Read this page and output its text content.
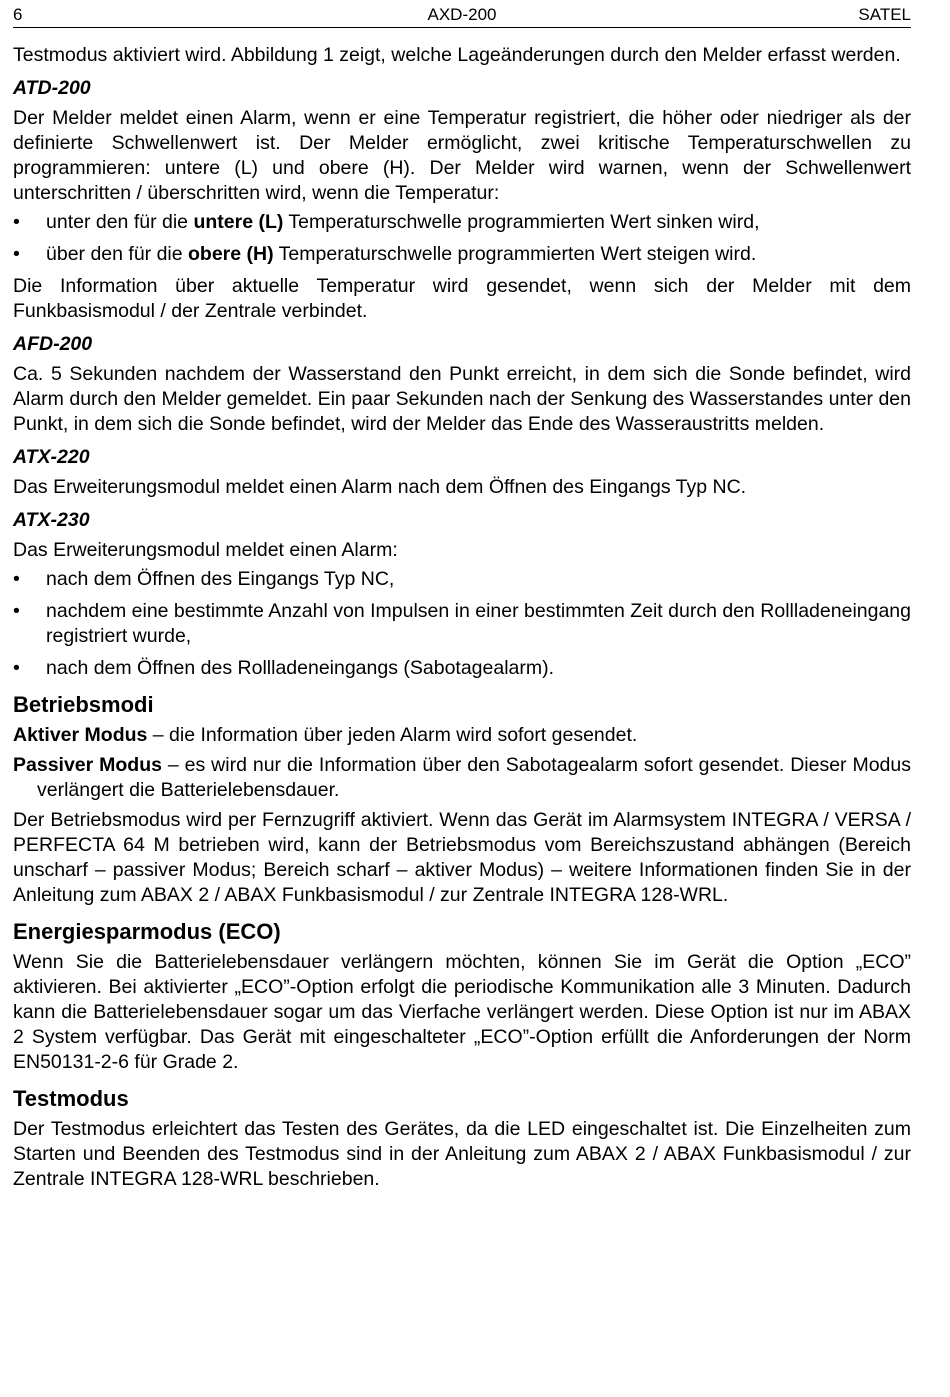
6	AXD-200	SATEL

Testmodus aktiviert wird. Abbildung 1 zeigt, welche Lageänderungen durch den Melder erfasst werden.

ATD-200

Der Melder meldet einen Alarm, wenn er eine Temperatur registriert, die höher oder niedriger als der definierte Schwellenwert ist. Der Melder ermöglicht, zwei kritische Temperaturschwellen zu programmieren: untere (L) und obere (H). Der Melder wird warnen, wenn der Schwellenwert unterschritten / überschritten wird, wenn die Temperatur:

• unter den für die untere (L) Temperaturschwelle programmierten Wert sinken wird,
• über den für die obere (H) Temperaturschwelle programmierten Wert steigen wird.

Die Information über aktuelle Temperatur wird gesendet, wenn sich der Melder mit dem Funkbasismodul / der Zentrale verbindet.

AFD-200

Ca. 5 Sekunden nachdem der Wasserstand den Punkt erreicht, in dem sich die Sonde befindet, wird Alarm durch den Melder gemeldet. Ein paar Sekunden nach der Senkung des Wasserstandes unter den Punkt, in dem sich die Sonde befindet, wird der Melder das Ende des Wasseraustritts melden.

ATX-220

Das Erweiterungsmodul meldet einen Alarm nach dem Öffnen des Eingangs Typ NC.

ATX-230

Das Erweiterungsmodul meldet einen Alarm:

• nach dem Öffnen des Eingangs Typ NC,
• nachdem eine bestimmte Anzahl von Impulsen in einer bestimmten Zeit durch den Rollladeneingang registriert wurde,
• nach dem Öffnen des Rollladeneingangs (Sabotagealarm).

Betriebsmodi

Aktiver Modus – die Information über jeden Alarm wird sofort gesendet.

Passiver Modus – es wird nur die Information über den Sabotagealarm sofort gesendet. Dieser Modus verlängert die Batterielebensdauer.

Der Betriebsmodus wird per Fernzugriff aktiviert. Wenn das Gerät im Alarmsystem INTEGRA / VERSA / PERFECTA 64 M betrieben wird, kann der Betriebsmodus vom Bereichszustand abhängen (Bereich unscharf – passiver Modus; Bereich scharf – aktiver Modus) – weitere Informationen finden Sie in der Anleitung zum ABAX 2 / ABAX Funkbasismodul / zur Zentrale INTEGRA 128-WRL.

Energiesparmodus (ECO)

Wenn Sie die Batterielebensdauer verlängern möchten, können Sie im Gerät die Option „ECO” aktivieren. Bei aktivierter „ECO”-Option erfolgt die periodische Kommunikation alle 3 Minuten. Dadurch kann die Batterielebensdauer sogar um das Vierfache verlängert werden. Diese Option ist nur im ABAX 2 System verfügbar. Das Gerät mit eingeschalteter „ECO”-Option erfüllt die Anforderungen der Norm EN50131-2-6 für Grade 2.

Testmodus

Der Testmodus erleichtert das Testen des Gerätes, da die LED eingeschaltet ist. Die Einzelheiten zum Starten und Beenden des Testmodus sind in der Anleitung zum ABAX 2 / ABAX Funkbasismodul / zur Zentrale INTEGRA 128-WRL beschrieben.
